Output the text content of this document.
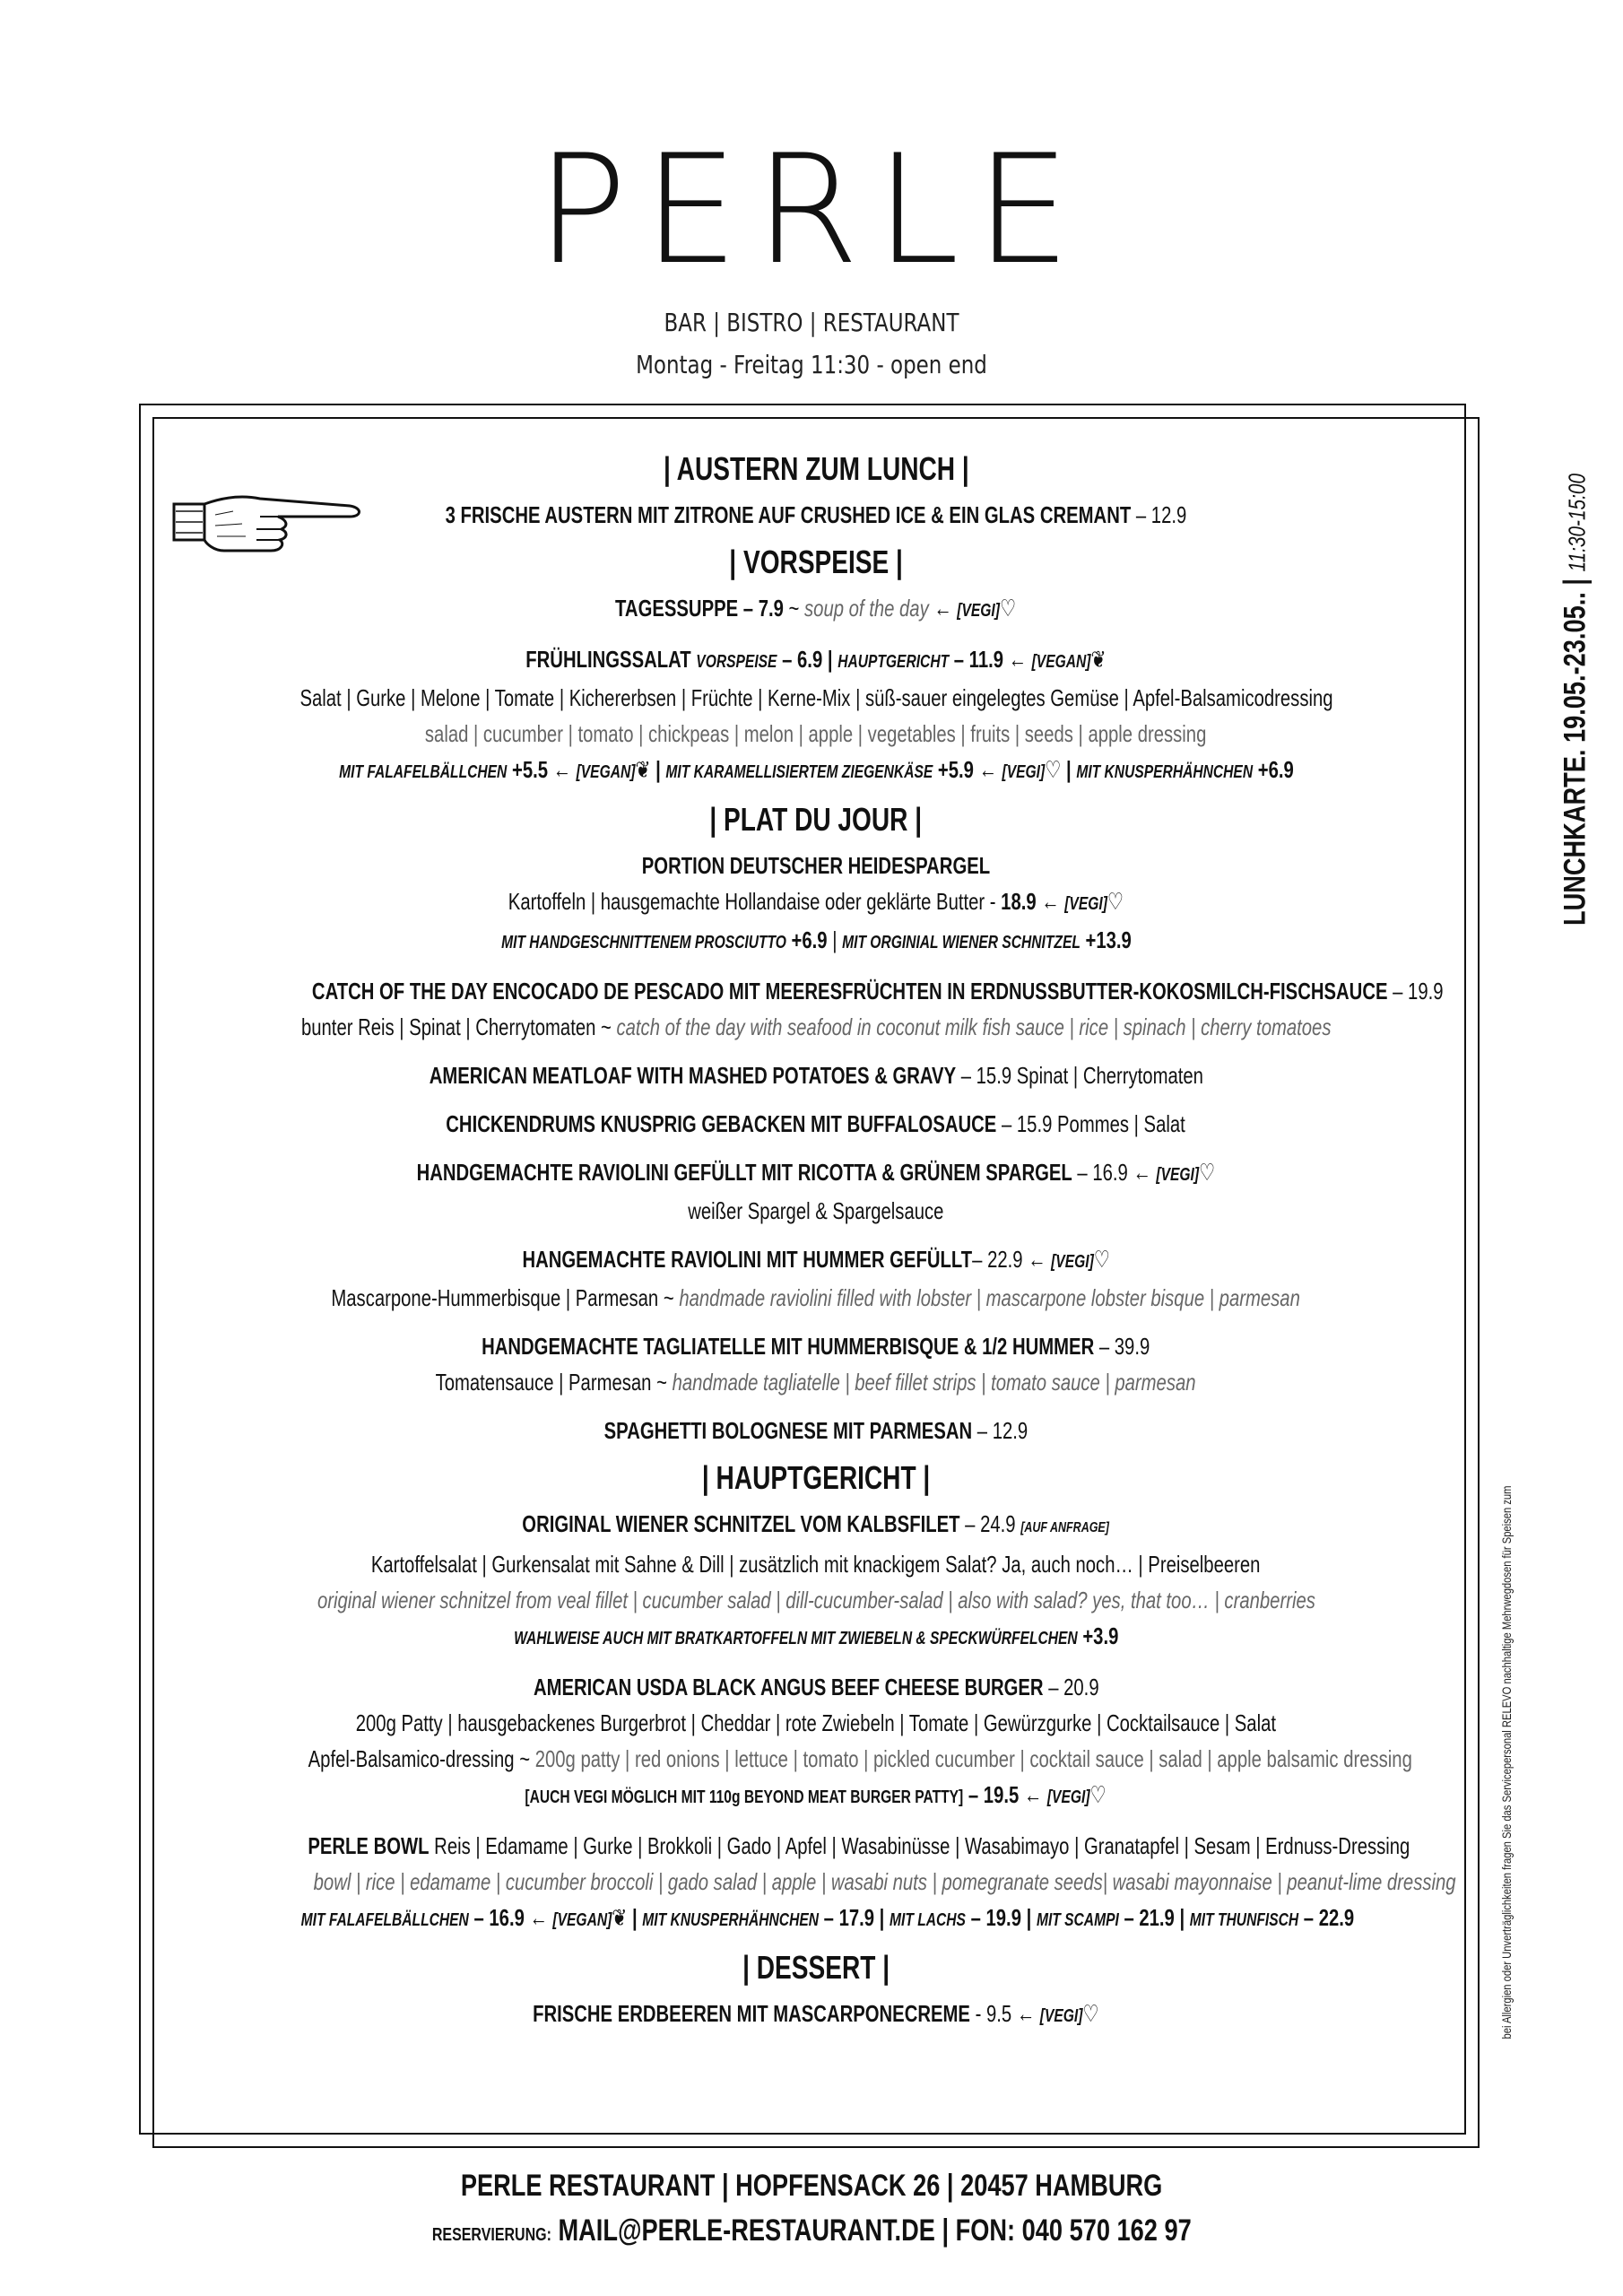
PERLE
BAR | BISTRO | RESTAURANT
Montag - Freitag 11:30 - open end
LUNCHKARTE. 19.05.-23.05.. | 11:30-15:00
bei Allergien oder Unverträglichkeiten fragen Sie das Servicepersonal RELEVO nachhaltige Mehrwegdosen für Speisen zum
| AUSTERN ZUM LUNCH |
3 FRISCHE AUSTERN MIT ZITRONE AUF CRUSHED ICE & EIN GLAS CREMANT – 12.9
| VORSPEISE |
TAGESSUPPE – 7.9 ~ soup of the day ← [VEGI]♡
FRÜHLINGSSALAT VORSPEISE – 6.9 | HAUPTGERICHT – 11.9 ← [VEGAN]❦
Salat | Gurke | Melone | Tomate | Kichererbsen | Früchte | Kerne-Mix | süß-sauer eingelegtes Gemüse | Apfel-Balsamicodressing
salad | cucumber | tomato | chickpeas | melon | apple | vegetables | fruits | seeds | apple dressing
MIT FALAFELBÄLLCHEN +5.5 ← [VEGAN]❦ | MIT KARAMELLISIERTEM ZIEGENKÄSE +5.9 ← [VEGI]♡ | MIT KNUSPERHÄHNCHEN +6.9
| PLAT DU JOUR |
PORTION DEUTSCHER HEIDESPARGEL
Kartoffeln | hausgemachte Hollandaise oder geklärte Butter - 18.9 ← [VEGI]♡
MIT HANDGESCHNITTENEM PROSCIUTTO +6.9 | MIT ORGINIAL WIENER SCHNITZEL +13.9
CATCH OF THE DAY ENCOCADO DE PESCADO MIT MEERESFRÜCHTEN IN ERDNUSSBUTTER-KOKOSMILCH-FISCHSAUCE – 19.9
bunter Reis | Spinat | Cherrytomaten ~ catch of the day with seafood in coconut milk fish sauce | rice | spinach | cherry tomatoes
AMERICAN MEATLOAF WITH MASHED POTATOES & GRAVY – 15.9 Spinat | Cherrytomaten
CHICKENDRUMS KNUSPRIG GEBACKEN MIT BUFFALOSAUCE – 15.9 Pommes | Salat
HANDGEMACHTE RAVIOLINI GEFÜLLT MIT RICOTTA & GRÜNEM SPARGEL – 16.9 ← [VEGI]♡
weißer Spargel & Spargelsauce
HANGEMACHTE RAVIOLINI MIT HUMMER GEFÜLLT– 22.9 ← [VEGI]♡
Mascarpone-Hummerbisque | Parmesan ~ handmade raviolini filled with lobster | mascarpone lobster bisque | parmesan
HANDGEMACHTE TAGLIATELLE MIT HUMMERBISQUE & 1/2 HUMMER – 39.9
Tomatensauce | Parmesan ~ handmade tagliatelle | beef fillet strips | tomato sauce | parmesan
SPAGHETTI BOLOGNESE MIT PARMESAN – 12.9
| HAUPTGERICHT |
ORIGINAL WIENER SCHNITZEL VOM KALBSFILET – 24.9 [AUF ANFRAGE]
Kartoffelsalat | Gurkensalat mit Sahne & Dill | zusätzlich mit knackigem Salat? Ja, auch noch… | Preiselbeeren
original wiener schnitzel from veal fillet | cucumber salad | dill-cucumber-salad | also with salad? yes, that too… | cranberries
WAHLWEISE AUCH MIT BRATKARTOFFELN MIT ZWIEBELN & SPECKWÜRFELCHEN +3.9
AMERICAN USDA BLACK ANGUS BEEF CHEESE BURGER – 20.9
200g Patty | hausgebackenes Burgerbrot | Cheddar | rote Zwiebeln | Tomate | Gewürzgurke | Cocktailsauce | Salat
Apfel-Balsamico-dressing ~ 200g patty | red onions | lettuce | tomato | pickled cucumber | cocktail sauce | salad | apple balsamic dressing
[AUCH VEGI MÖGLICH MIT 110g BEYOND MEAT BURGER PATTY] – 19.5 ← [VEGI]♡
PERLE BOWL Reis | Edamame | Gurke | Brokkoli | Gado | Apfel | Wasabinüsse | Wasabimayo | Granatapfel | Sesam | Erdnuss-Dressing
bowl | rice | edamame | cucumber broccoli | gado salad | apple | wasabi nuts | pomegranate seeds| wasabi mayonnaise | peanut-lime dressing
MIT FALAFELBÄLLCHEN – 16.9 ← [VEGAN]❦ | MIT KNUSPERHÄHNCHEN – 17.9 | MIT LACHS – 19.9 | MIT SCAMPI – 21.9 | MIT THUNFISCH – 22.9
| DESSERT |
FRISCHE ERDBEEREN MIT MASCARPONECREME - 9.5 ← [VEGI]♡
PERLE RESTAURANT | HOPFENSACK 26 | 20457 HAMBURG
RESERVIERUNG: MAIL@PERLE-RESTAURANT.DE | FON: 040 570 162 97
